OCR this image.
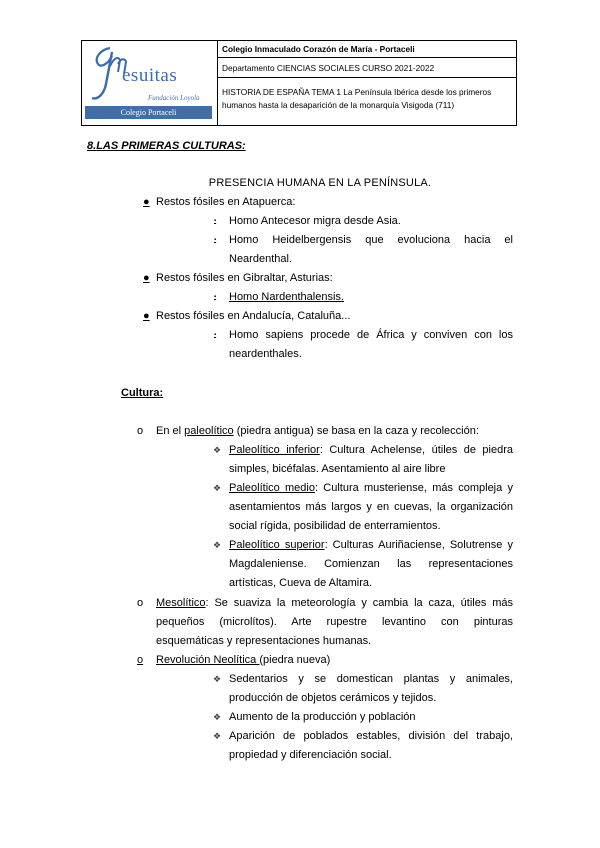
esuitas
Fundación Loyola
Colegio Portaceli
Colegio Inmaculado Corazón de María - Portaceli
Departamento CIENCIAS SOCIALES CURSO 2021-2022
HISTORIA DE ESPAÑA TEMA 1 La Península Ibérica desde los primeros
humanos hasta la desaparición de la monarquía Visigoda (711)
8.LAS PRIMERAS CULTURAS:
PRESENCIA HUMANA EN LA PENÍNSULA.
● Restos fósiles en Atapuerca:
▪ Homo Antecesor migra desde Asia.
▪ Homo Heidelbergensis que evoluciona hacia el
Neardenthal.
● Restos fósiles en Gibraltar, Asturias:
▪ Homo Nardenthalensis.
● Restos fósiles en Andalucía, Cataluña...
▪ Homo sapiens procede de África y conviven con los
neardenthales.
Cultura:
o En el paleolítico (piedra antigua) se basa en la caza y recolección:
❖ Paleolítico inferior: Cultura Achelense, útiles de piedra
simples, bicéfalas. Asentamiento al aire libre
❖ Paleolítico medio: Cultura musteriense, más compleja y
asentamientos más largos y en cuevas, la organización
social rígida, posibilidad de enterramientos.
❖ Paleolítico superior: Culturas Auriñaciense, Solutrense y
Magdaleniense. Comienzan las representaciones
artísticas, Cueva de Altamira.
o Mesolítico: Se suaviza la meteorología y cambia la caza, útiles más
pequeños (microlítos). Arte rupestre levantino con pinturas
esquemáticas y representaciones humanas.
o Revolución Neolítica (piedra nueva)
❖ Sedentarios y se domestican plantas y animales,
producción de objetos cerámicos y tejidos.
❖ Aumento de la producción y población
❖ Aparición de poblados estables, división del trabajo,
propiedad y diferenciación social.
